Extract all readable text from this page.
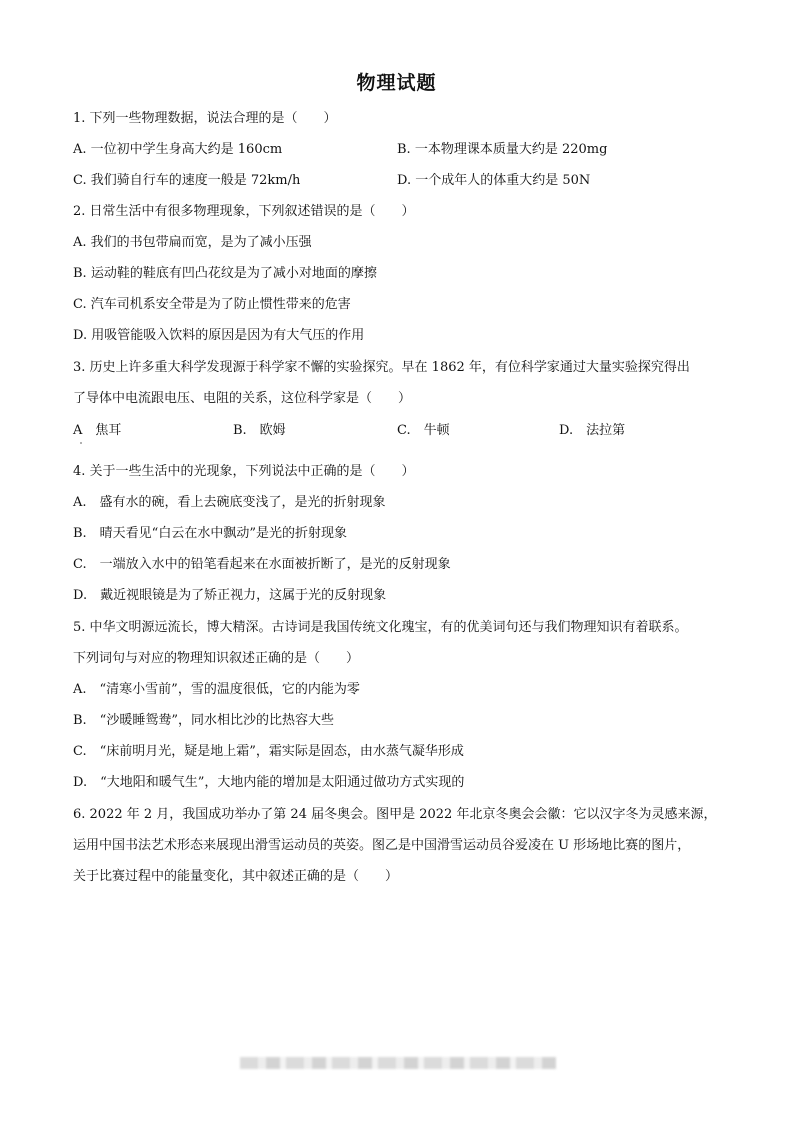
物理试题
1. 下列一些物理数据，说法合理的是（　　）
A. 一位初中学生身高大约是 160cm	B. 一本物理课本质量大约是 220mg
C. 我们骑自行车的速度一般是 72km/h	D. 一个成年人的体重大约是 50N
2. 日常生活中有很多物理现象，下列叙述错误的是（　　）
A. 我们的书包带扁而宽，是为了减小压强
B. 运动鞋的鞋底有凹凸花纹是为了减小对地面的摩擦
C. 汽车司机系安全带是为了防止惯性带来的危害
D. 用吸管能吸入饮料的原因是因为有大气压的作用
3. 历史上许多重大科学发现源于科学家不懈的实验探究。早在 1862 年，有位科学家通过大量实验探究得出
了导体中电流跟电压、电阻的关系，这位科学家是（　　）
A　焦耳	B.　欧姆	C.　牛顿	D.　法拉第
4. 关于一些生活中的光现象，下列说法中正确的是（　　）
A.　盛有水的碗，看上去碗底变浅了，是光的折射现象
B.　晴天看见“白云在水中飘动”是光的折射现象
C.　一端放入水中的铅笔看起来在水面被折断了，是光的反射现象
D.　戴近视眼镜是为了矫正视力，这属于光的反射现象
5. 中华文明源远流长，博大精深。古诗词是我国传统文化瑰宝，有的优美词句还与我们物理知识有着联系。
下列词句与对应的物理知识叙述正确的是（　　）
A.　“清寒小雪前”，雪的温度很低，它的内能为零
B.　“沙暖睡鸳鸯”，同水相比沙的比热容大些
C.　“床前明月光，疑是地上霜”，霜实际是固态，由水蒸气凝华形成
D.　“大地阳和暖气生”，大地内能的增加是太阳通过做功方式实现的
6. 2022 年 2 月，我国成功举办了第 24 届冬奥会。图甲是 2022 年北京冬奥会会徽：它以汉字冬为灵感来源，
运用中国书法艺术形态来展现出滑雪运动员的英姿。图乙是中国滑雪运动员谷爱凌在 U 形场地比赛的图片，
关于比赛过程中的能量变化，其中叙述正确的是（　　）
